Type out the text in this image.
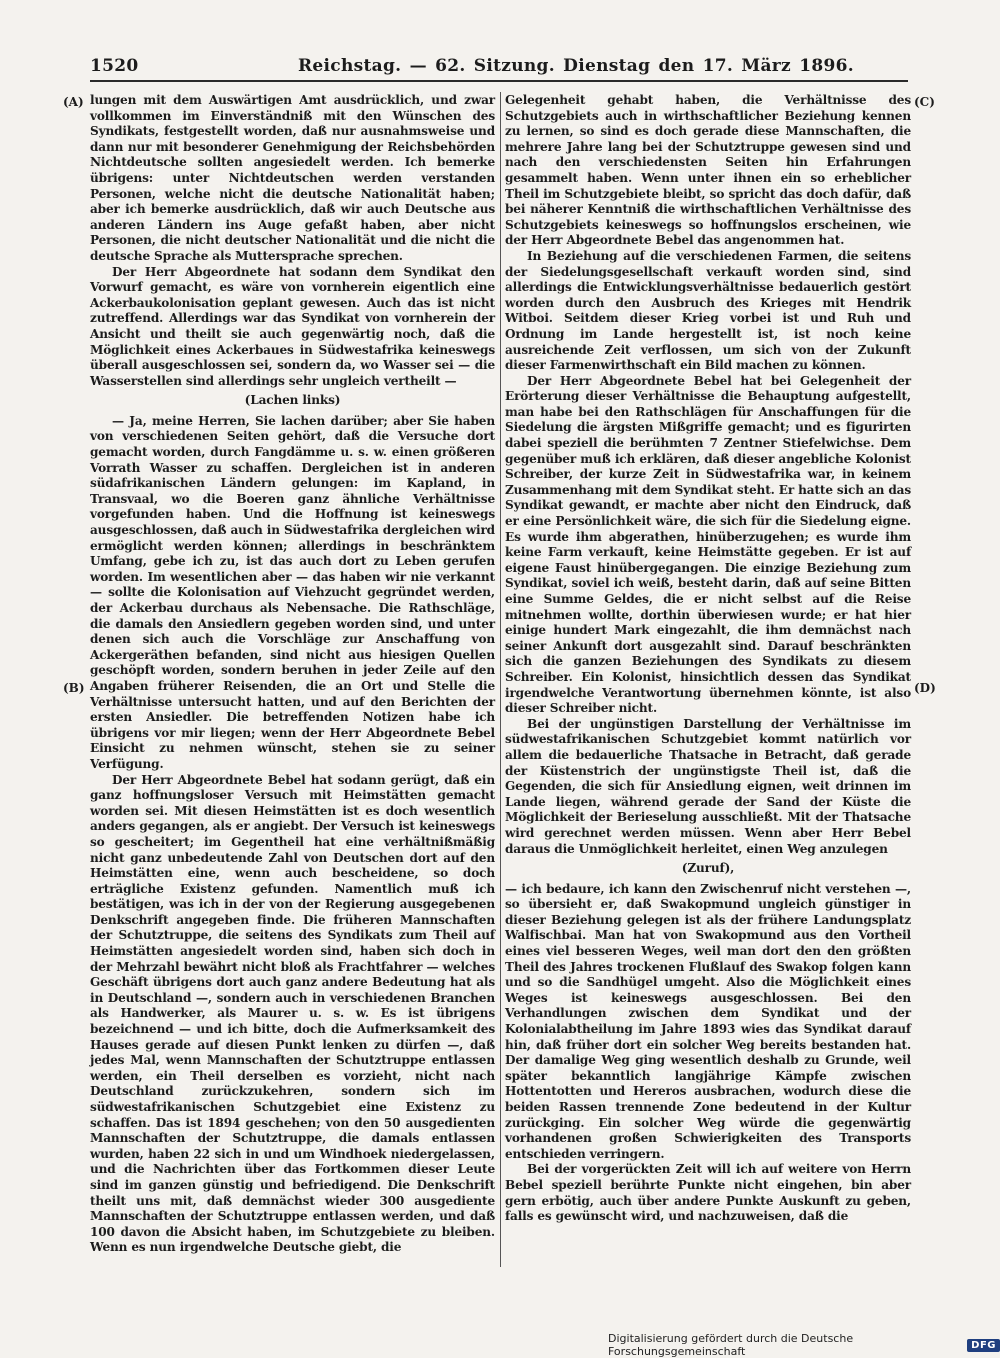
1520	Reichstag. — 62. Sitzung. Dienstag den 17. März 1896.
(A)
(B)
(C)
(D)

lungen mit dem Auswärtigen Amt ausdrücklich, und zwar vollkommen im Einverständniß mit den Wünschen des Syndikats, festgestellt worden, daß nur ausnahmsweise und dann nur mit besonderer Genehmigung der Reichsbehörden Nichtdeutsche sollten angesiedelt werden. Ich bemerke übrigens: unter Nichtdeutschen werden verstanden Personen, welche nicht die deutsche Nationalität haben; aber ich bemerke ausdrücklich, daß wir auch Deutsche aus anderen Ländern ins Auge gefaßt haben, aber nicht Personen, die nicht deutscher Nationalität und die nicht die deutsche Sprache als Muttersprache sprechen.

Der Herr Abgeordnete hat sodann dem Syndikat den Vorwurf gemacht, es wäre von vornherein eigentlich eine Ackerbaukolonisation geplant gewesen. Auch das ist nicht zutreffend. Allerdings war das Syndikat von vornherein der Ansicht und theilt sie auch gegenwärtig noch, daß die Möglichkeit eines Ackerbaues in Südwestafrika keineswegs überall ausgeschlossen sei, sondern da, wo Wasser sei — die Wasserstellen sind allerdings sehr ungleich vertheilt —

(Lachen links)

— Ja, meine Herren, Sie lachen darüber; aber Sie haben von verschiedenen Seiten gehört, daß die Versuche dort gemacht worden, durch Fangdämme u. s. w. einen größeren Vorrath Wasser zu schaffen. Dergleichen ist in anderen südafrikanischen Ländern gelungen: im Kapland, in Transvaal, wo die Boeren ganz ähnliche Verhältnisse vorgefunden haben. Und die Hoffnung ist keineswegs ausgeschlossen, daß auch in Südwestafrika dergleichen wird ermöglicht werden können; allerdings in beschränktem Umfang, gebe ich zu, ist das auch dort zu Leben gerufen worden. Im wesentlichen aber — das haben wir nie verkannt — sollte die Kolonisation auf Viehzucht gegründet werden, der Ackerbau durchaus als Nebensache. Die Rathschläge, die damals den Ansiedlern gegeben worden sind, und unter denen sich auch die Vorschläge zur Anschaffung von Ackergeräthen befanden, sind nicht aus hiesigen Quellen geschöpft worden, sondern beruhen in jeder Zeile auf den Angaben früherer Reisenden, die an Ort und Stelle die Verhältnisse untersucht hatten, und auf den Berichten der ersten Ansiedler. Die betreffenden Notizen habe ich übrigens vor mir liegen; wenn der Herr Abgeordnete Bebel Einsicht zu nehmen wünscht, stehen sie zu seiner Verfügung.

Der Herr Abgeordnete Bebel hat sodann gerügt, daß ein ganz hoffnungsloser Versuch mit Heimstätten gemacht worden sei. Mit diesen Heimstätten ist es doch wesentlich anders gegangen, als er angiebt. Der Versuch ist keineswegs so gescheitert; im Gegentheil hat eine verhältnißmäßig nicht ganz unbedeutende Zahl von Deutschen dort auf den Heimstätten eine, wenn auch bescheidene, so doch erträgliche Existenz gefunden. Namentlich muß ich bestätigen, was ich in der von der Regierung ausgegebenen Denkschrift angegeben finde. Die früheren Mannschaften der Schutztruppe, die seitens des Syndikats zum Theil auf Heimstätten angesiedelt worden sind, haben sich doch in der Mehrzahl bewährt nicht bloß als Frachtfahrer — welches Geschäft übrigens dort auch ganz andere Bedeutung hat als in Deutschland —, sondern auch in verschiedenen Branchen als Handwerker, als Maurer u. s. w. Es ist übrigens bezeichnend — und ich bitte, doch die Aufmerksamkeit des Hauses gerade auf diesen Punkt lenken zu dürfen —, daß jedes Mal, wenn Mannschaften der Schutztruppe entlassen werden, ein Theil derselben es vorzieht, nicht nach Deutschland zurückzukehren, sondern sich im südwestafrikanischen Schutzgebiet eine Existenz zu schaffen. Das ist 1894 geschehen; von den 50 ausgedienten Mannschaften der Schutztruppe, die damals entlassen wurden, haben 22 sich in und um Windhoek niedergelassen, und die Nachrichten über das Fortkommen dieser Leute sind im ganzen günstig und befriedigend. Die Denkschrift theilt uns mit, daß demnächst wieder 300 ausgediente Mannschaften der Schutztruppe entlassen werden, und daß 100 davon die Absicht haben, im Schutzgebiete zu bleiben. Wenn es nun irgendwelche Deutsche giebt, die

Gelegenheit gehabt haben, die Verhältnisse des Schutzgebiets auch in wirthschaftlicher Beziehung kennen zu lernen, so sind es doch gerade diese Mannschaften, die mehrere Jahre lang bei der Schutztruppe gewesen sind und nach den verschiedensten Seiten hin Erfahrungen gesammelt haben. Wenn unter ihnen ein so erheblicher Theil im Schutzgebiete bleibt, so spricht das doch dafür, daß bei näherer Kenntniß die wirthschaftlichen Verhältnisse des Schutzgebiets keineswegs so hoffnungslos erscheinen, wie der Herr Abgeordnete Bebel das angenommen hat.

In Beziehung auf die verschiedenen Farmen, die seitens der Siedelungsgesellschaft verkauft worden sind, sind allerdings die Entwicklungsverhältnisse bedauerlich gestört worden durch den Ausbruch des Krieges mit Hendrik Witboi. Seitdem dieser Krieg vorbei ist und Ruh und Ordnung im Lande hergestellt ist, ist noch keine ausreichende Zeit verflossen, um sich von der Zukunft dieser Farmenwirthschaft ein Bild machen zu können.

Der Herr Abgeordnete Bebel hat bei Gelegenheit der Erörterung dieser Verhältnisse die Behauptung aufgestellt, man habe bei den Rathschlägen für Anschaffungen für die Siedelung die ärgsten Mißgriffe gemacht; und es figurirten dabei speziell die berühmten 7 Zentner Stiefelwichse. Dem gegenüber muß ich erklären, daß dieser angebliche Kolonist Schreiber, der kurze Zeit in Südwestafrika war, in keinem Zusammenhang mit dem Syndikat steht. Er hatte sich an das Syndikat gewandt, er machte aber nicht den Eindruck, daß er eine Persönlichkeit wäre, die sich für die Siedelung eigne. Es wurde ihm abgerathen, hinüberzugehen; es wurde ihm keine Farm verkauft, keine Heimstätte gegeben. Er ist auf eigene Faust hinübergegangen. Die einzige Beziehung zum Syndikat, soviel ich weiß, besteht darin, daß auf seine Bitten eine Summe Geldes, die er nicht selbst auf die Reise mitnehmen wollte, dorthin überwiesen wurde; er hat hier einige hundert Mark eingezahlt, die ihm demnächst nach seiner Ankunft dort ausgezahlt sind. Darauf beschränkten sich die ganzen Beziehungen des Syndikats zu diesem Schreiber. Ein Kolonist, hinsichtlich dessen das Syndikat irgendwelche Verantwortung übernehmen könnte, ist also dieser Schreiber nicht.

Bei der ungünstigen Darstellung der Verhältnisse im südwestafrikanischen Schutzgebiet kommt natürlich vor allem die bedauerliche Thatsache in Betracht, daß gerade der Küstenstrich der ungünstigste Theil ist, daß die Gegenden, die sich für Ansiedlung eignen, weit drinnen im Lande liegen, während gerade der Sand der Küste die Möglichkeit der Berieselung ausschließt. Mit der Thatsache wird gerechnet werden müssen. Wenn aber Herr Bebel daraus die Unmöglichkeit herleitet, einen Weg anzulegen

(Zuruf),

— ich bedaure, ich kann den Zwischenruf nicht verstehen —, so übersieht er, daß Swakopmund ungleich günstiger in dieser Beziehung gelegen ist als der frühere Landungsplatz Walfischbai. Man hat von Swakopmund aus den Vortheil eines viel besseren Weges, weil man dort den den größten Theil des Jahres trockenen Flußlauf des Swakop folgen kann und so die Sandhügel umgeht. Also die Möglichkeit eines Weges ist keineswegs ausgeschlossen. Bei den Verhandlungen zwischen dem Syndikat und der Kolonialabtheilung im Jahre 1893 wies das Syndikat darauf hin, daß früher dort ein solcher Weg bereits bestanden hat. Der damalige Weg ging wesentlich deshalb zu Grunde, weil später bekanntlich langjährige Kämpfe zwischen Hottentotten und Hereros ausbrachen, wodurch diese die beiden Rassen trennende Zone bedeutend in der Kultur zurückging. Ein solcher Weg würde die gegenwärtig vorhandenen großen Schwierigkeiten des Transports entschieden verringern.

Bei der vorgerückten Zeit will ich auf weitere von Herrn Bebel speziell berührte Punkte nicht eingehen, bin aber gern erbötig, auch über andere Punkte Auskunft zu geben, falls es gewünscht wird, und nachzuweisen, daß die

Digitalisierung gefördert durch die Deutsche Forschungsgemeinschaft	DFG
